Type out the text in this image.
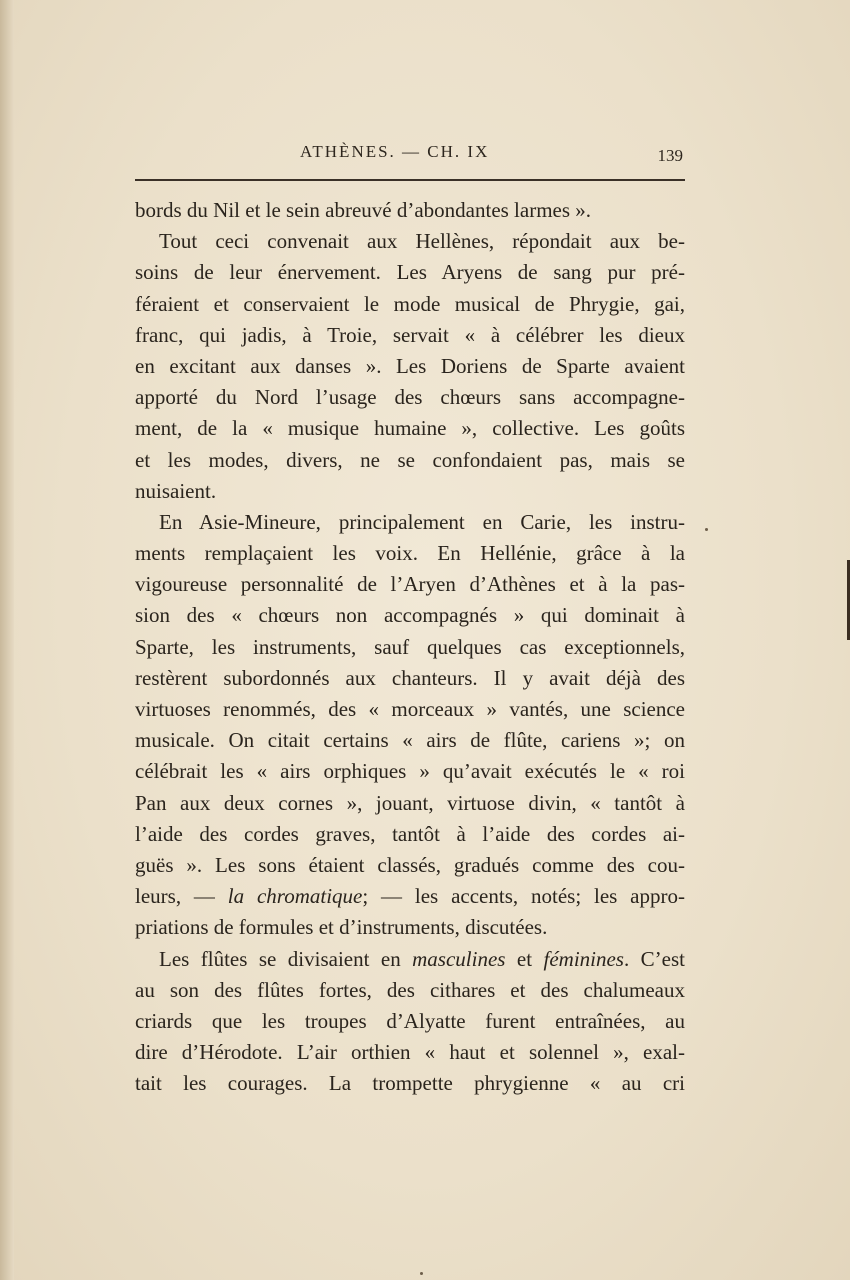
ATHÈNES. — CH. IX	139
bords du Nil et le sein abreuvé d’abondantes larmes ».
Tout ceci convenait aux Hellènes, répondait aux be-
soins de leur énervement. Les Aryens de sang pur pré-
féraient et conservaient le mode musical de Phrygie, gai,
franc, qui jadis, à Troie, servait « à célébrer les dieux
en excitant aux danses ». Les Doriens de Sparte avaient
apporté du Nord l’usage des chœurs sans accompagne-
ment, de la « musique humaine », collective. Les goûts
et les modes, divers, ne se confondaient pas, mais se
nuisaient.
En Asie-Mineure, principalement en Carie, les instru-
ments remplaçaient les voix. En Hellénie, grâce à la
vigoureuse personnalité de l’Aryen d’Athènes et à la pas-
sion des « chœurs non accompagnés » qui dominait à
Sparte, les instruments, sauf quelques cas exceptionnels,
restèrent subordonnés aux chanteurs. Il y avait déjà des
virtuoses renommés, des « morceaux » vantés, une science
musicale. On citait certains « airs de flûte, cariens »; on
célébrait les « airs orphiques » qu’avait exécutés le « roi
Pan aux deux cornes », jouant, virtuose divin, « tantôt à
l’aide des cordes graves, tantôt à l’aide des cordes ai-
guës ». Les sons étaient classés, gradués comme des cou-
leurs, — la chromatique; — les accents, notés; les appro-
priations de formules et d’instruments, discutées.
Les flûtes se divisaient en masculines et féminines. C’est
au son des flûtes fortes, des cithares et des chalumeaux
criards que les troupes d’Alyatte furent entraînées, au
dire d’Hérodote. L’air orthien « haut et solennel », exal-
tait les courages. La trompette phrygienne « au cri
